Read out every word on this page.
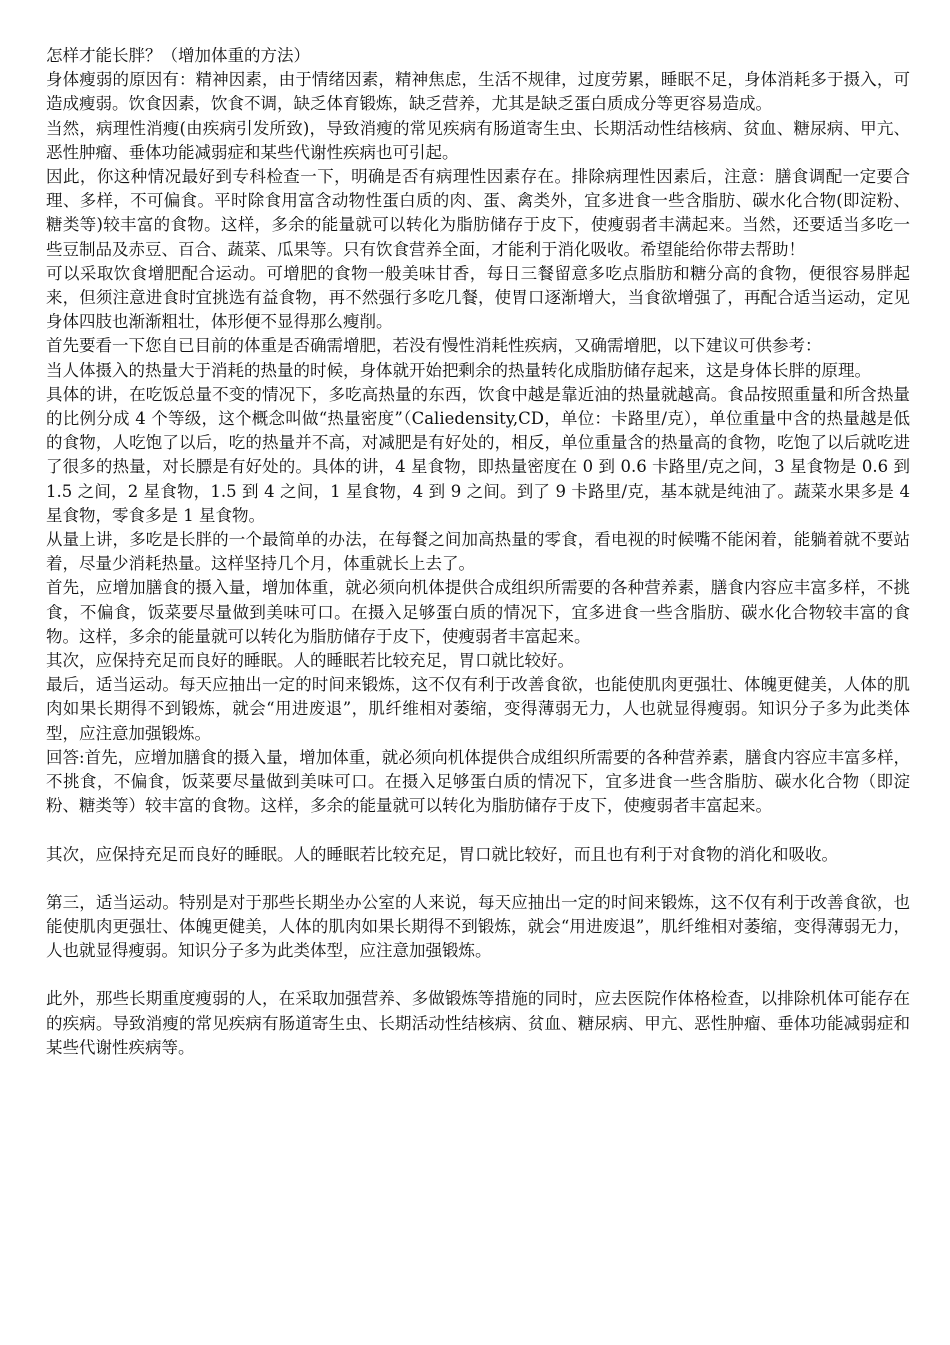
怎样才能长胖？（增加体重的方法）

身体瘦弱的原因有：精神因素，由于情绪因素，精神焦虑，生活不规律，过度劳累，睡眠不足，身体消耗多于摄入，可造成瘦弱。饮食因素，饮食不调，缺乏体育锻炼，缺乏营养，尤其是缺乏蛋白质成分等更容易造成。

当然，病理性消瘦(由疾病引发所致)，导致消瘦的常见疾病有肠道寄生虫、长期活动性结核病、贫血、糖尿病、甲亢、恶性肿瘤、垂体功能减弱症和某些代谢性疾病也可引起。

因此，你这种情况最好到专科检查一下，明确是否有病理性因素存在。排除病理性因素后，注意：膳食调配一定要合理、多样，不可偏食。平时除食用富含动物性蛋白质的肉、蛋、禽类外，宜多进食一些含脂肪、碳水化合物(即淀粉、糖类等)较丰富的食物。这样，多余的能量就可以转化为脂肪储存于皮下，使瘦弱者丰满起来。当然，还要适当多吃一些豆制品及赤豆、百合、蔬菜、瓜果等。只有饮食营养全面，才能利于消化吸收。希望能给你带去帮助！

可以采取饮食增肥配合运动。可增肥的食物一般美味甘香，每日三餐留意多吃点脂肪和糖分高的食物，便很容易胖起来，但须注意进食时宜挑选有益食物，再不然强行多吃几餐，使胃口逐渐增大，当食欲增强了，再配合适当运动，定见身体四肢也渐渐粗壮，体形便不显得那么瘦削。

首先要看一下您自已目前的体重是否确需增肥，若没有慢性消耗性疾病，又确需增肥，以下建议可供参考：

当人体摄入的热量大于消耗的热量的时候，身体就开始把剩余的热量转化成脂肪储存起来，这是身体长胖的原理。

具体的讲，在吃饭总量不变的情况下，多吃高热量的东西，饮食中越是靠近油的热量就越高。食品按照重量和所含热量的比例分成 4 个等级，这个概念叫做“热量密度”（Caliedensity,CD，单位：卡路里/克），单位重量中含的热量越是低的食物，人吃饱了以后，吃的热量并不高，对减肥是有好处的，相反，单位重量含的热量高的食物，吃饱了以后就吃进了很多的热量，对长膘是有好处的。具体的讲，4 星食物，即热量密度在 0 到 0.6 卡路里/克之间，3 星食物是 0.6 到 1.5 之间，2 星食物，1.5 到 4 之间，1 星食物，4 到 9 之间。到了 9 卡路里/克，基本就是纯油了。蔬菜水果多是 4 星食物，零食多是 1 星食物。

从量上讲，多吃是长胖的一个最简单的办法，在每餐之间加高热量的零食，看电视的时候嘴不能闲着，能躺着就不要站着，尽量少消耗热量。这样坚持几个月，体重就长上去了。

首先，应增加膳食的摄入量，增加体重，就必须向机体提供合成组织所需要的各种营养素，膳食内容应丰富多样，不挑食，不偏食，饭菜要尽量做到美味可口。在摄入足够蛋白质的情况下，宜多进食一些含脂肪、碳水化合物较丰富的食物。这样，多余的能量就可以转化为脂肪储存于皮下，使瘦弱者丰富起来。

其次，应保持充足而良好的睡眠。人的睡眠若比较充足，胃口就比较好。

最后，适当运动。每天应抽出一定的时间来锻炼，这不仅有利于改善食欲，也能使肌肉更强壮、体魄更健美，人体的肌肉如果长期得不到锻炼，就会“用进废退”，肌纤维相对萎缩，变得薄弱无力，人也就显得瘦弱。知识分子多为此类体型，应注意加强锻炼。

回答:首先，应增加膳食的摄入量，增加体重，就必须向机体提供合成组织所需要的各种营养素，膳食内容应丰富多样，不挑食，不偏食，饭菜要尽量做到美味可口。在摄入足够蛋白质的情况下，宜多进食一些含脂肪、碳水化合物（即淀粉、糖类等）较丰富的食物。这样，多余的能量就可以转化为脂肪储存于皮下，使瘦弱者丰富起来。

其次，应保持充足而良好的睡眠。人的睡眠若比较充足，胃口就比较好，而且也有利于对食物的消化和吸收。

第三，适当运动。特别是对于那些长期坐办公室的人来说，每天应抽出一定的时间来锻炼，这不仅有利于改善食欲，也能使肌肉更强壮、体魄更健美，人体的肌肉如果长期得不到锻炼，就会“用进废退”，肌纤维相对萎缩，变得薄弱无力，人也就显得瘦弱。知识分子多为此类体型，应注意加强锻炼。

此外，那些长期重度瘦弱的人，在采取加强营养、多做锻炼等措施的同时，应去医院作体格检查，以排除机体可能存在的疾病。导致消瘦的常见疾病有肠道寄生虫、长期活动性结核病、贫血、糖尿病、甲亢、恶性肿瘤、垂体功能减弱症和某些代谢性疾病等。
